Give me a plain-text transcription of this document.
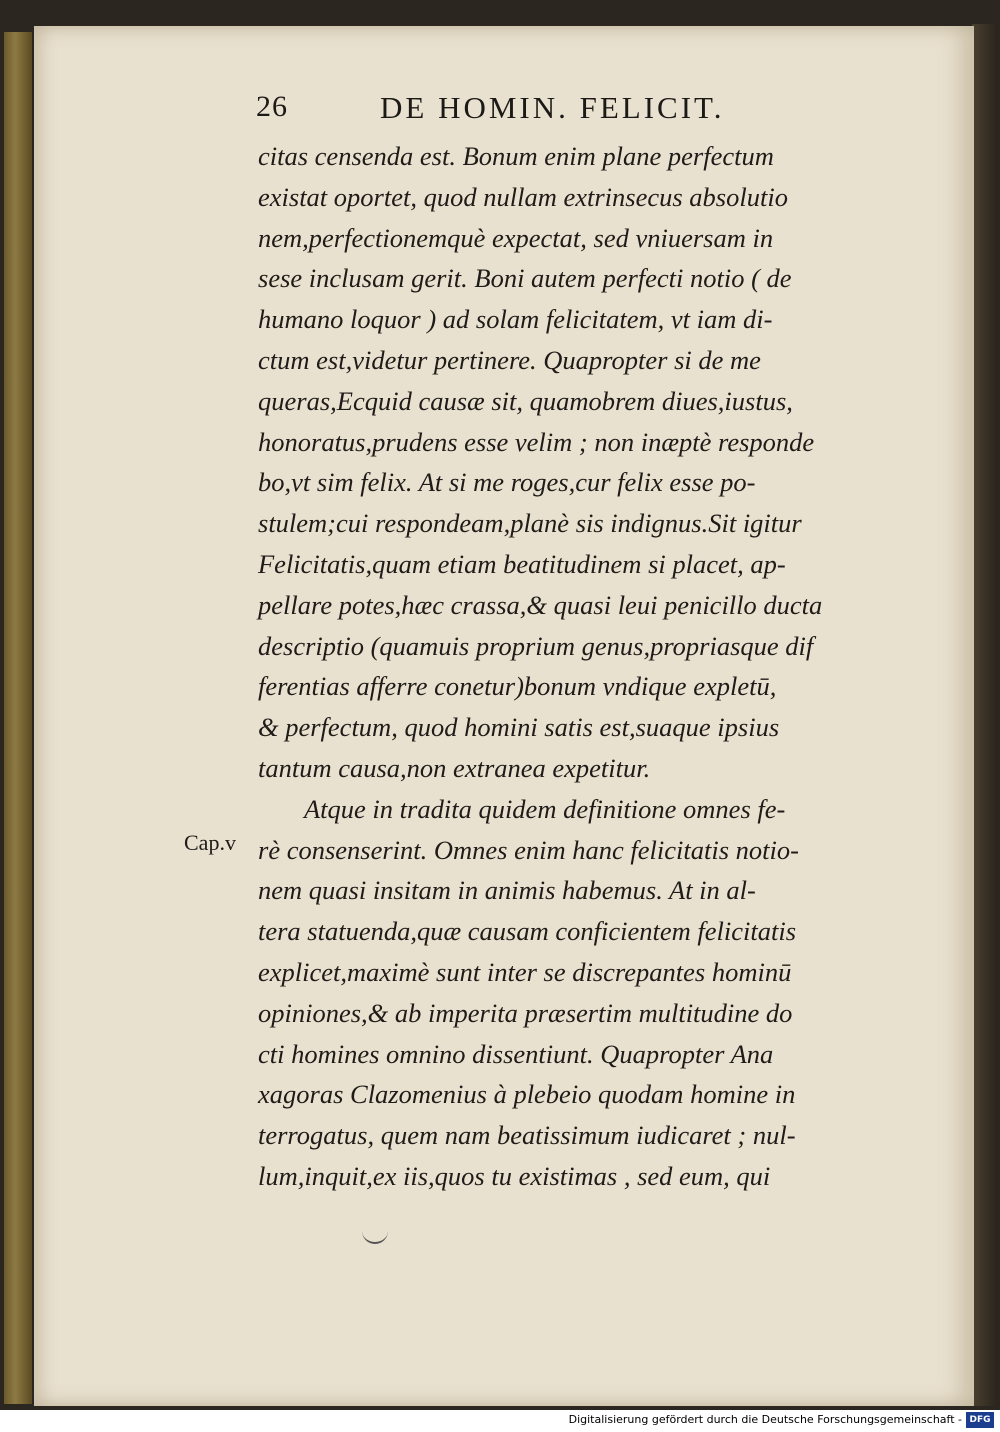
26	DE HOMIN. FELICIT.
Cap.v
citas censenda est. Bonum enim plane perfectum
existat oportet, quod nullam extrinsecus absolutio
nem,perfectionemquè expectat, sed vniuersam in
sese inclusam gerit. Boni autem perfecti notio ( de
humano loquor ) ad solam felicitatem, vt iam di-
ctum est,videtur pertinere. Quapropter si de me
queras,Ecquid causæ sit, quamobrem diues,iustus,
honoratus,prudens esse velim ; non inæptè responde
bo,vt sim felix. At si me roges,cur felix esse po-
stulem;cui respondeam,planè sis indignus.Sit igitur
Felicitatis,quam etiam beatitudinem si placet, ap-
pellare potes,hæc crassa,& quasi leui penicillo ducta
descriptio (quamuis proprium genus,propriasque dif
ferentias afferre conetur)bonum vndique expletū,
& perfectum, quod homini satis est,suaque ipsius
tantum causa,non extranea expetitur.
Atque in tradita quidem definitione omnes fe-
rè consenserint. Omnes enim hanc felicitatis notio-
nem quasi insitam in animis habemus. At in al-
tera statuenda,quæ causam conficientem felicitatis
explicet,maximè sunt inter se discrepantes hominū
opiniones,& ab imperita præsertim multitudine do
cti homines omnino dissentiunt. Quapropter Ana
xagoras Clazomenius à plebeio quodam homine in
terrogatus, quem nam beatissimum iudicaret ; nul-
lum,inquit,ex iis,quos tu existimas , sed eum, qui
Digitalisierung gefördert durch die Deutsche Forschungsgemeinschaft - DFG
